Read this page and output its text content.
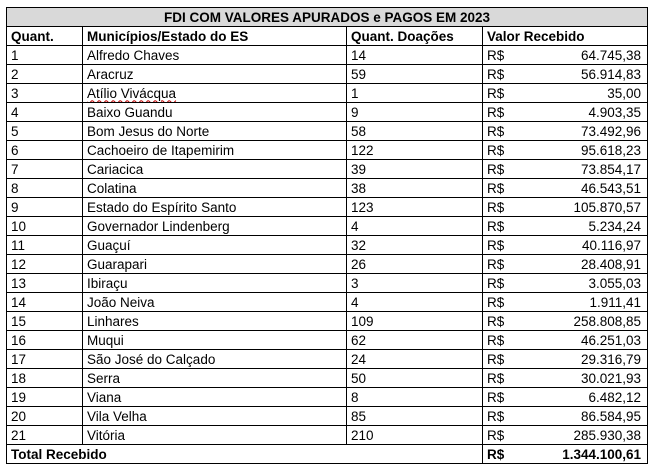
FDI COM VALORES APURADOS e PAGOS EM 2023				
Quant.	Municípios/Estado do ES	Quant. Doações	Valor Recebido	
1	Alfredo Chaves	14	R$	64.745,38
2	Aracruz	59	R$	56.914,83
3	Atílio Vivácqua	1	R$	35,00
4	Baixo Guandu	9	R$	4.903,35
5	Bom Jesus do Norte	58	R$	73.492,96
6	Cachoeiro de Itapemirim	122	R$	95.618,23
7	Cariacica	39	R$	73.854,17
8	Colatina	38	R$	46.543,51
9	Estado do Espírito Santo	123	R$	105.870,57
10	Governador Lindenberg	4	R$	5.234,24
11	Guaçuí	32	R$	40.116,97
12	Guarapari	26	R$	28.408,91
13	Ibiraçu	3	R$	3.055,03
14	João Neiva	4	R$	1.911,41
15	Linhares	109	R$	258.808,85
16	Muqui	62	R$	46.251,03
17	São José do Calçado	24	R$	29.316,79
18	Serra	50	R$	30.021,93
19	Viana	8	R$	6.482,12
20	Vila Velha	85	R$	86.584,95
21	Vitória	210	R$	285.930,38
Total Recebido			R$	1.344.100,61
